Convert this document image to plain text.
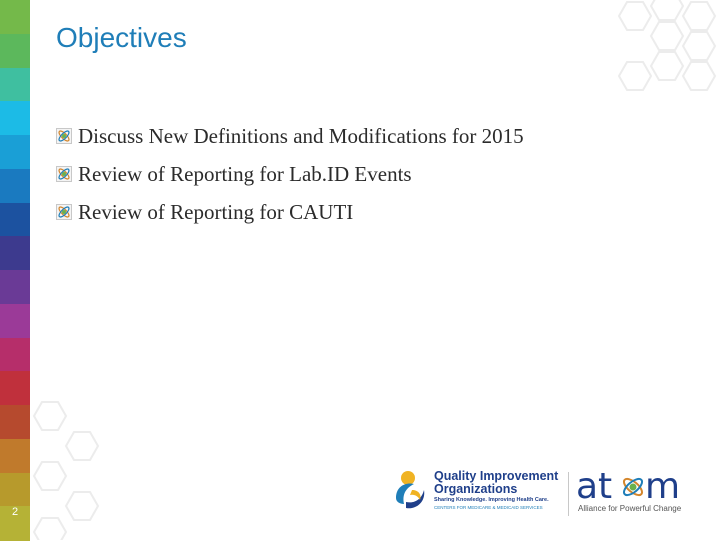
2
Objectives
Discuss New Definitions and Modifications for 2015
Review of Reporting for Lab.ID Events
Review of Reporting for CAUTI
Quality Improvement
Organizations
Sharing Knowledge. Improving Health Care.
CENTERS FOR MEDICARE & MEDICAID SERVICES
at m
Alliance for Powerful Change
